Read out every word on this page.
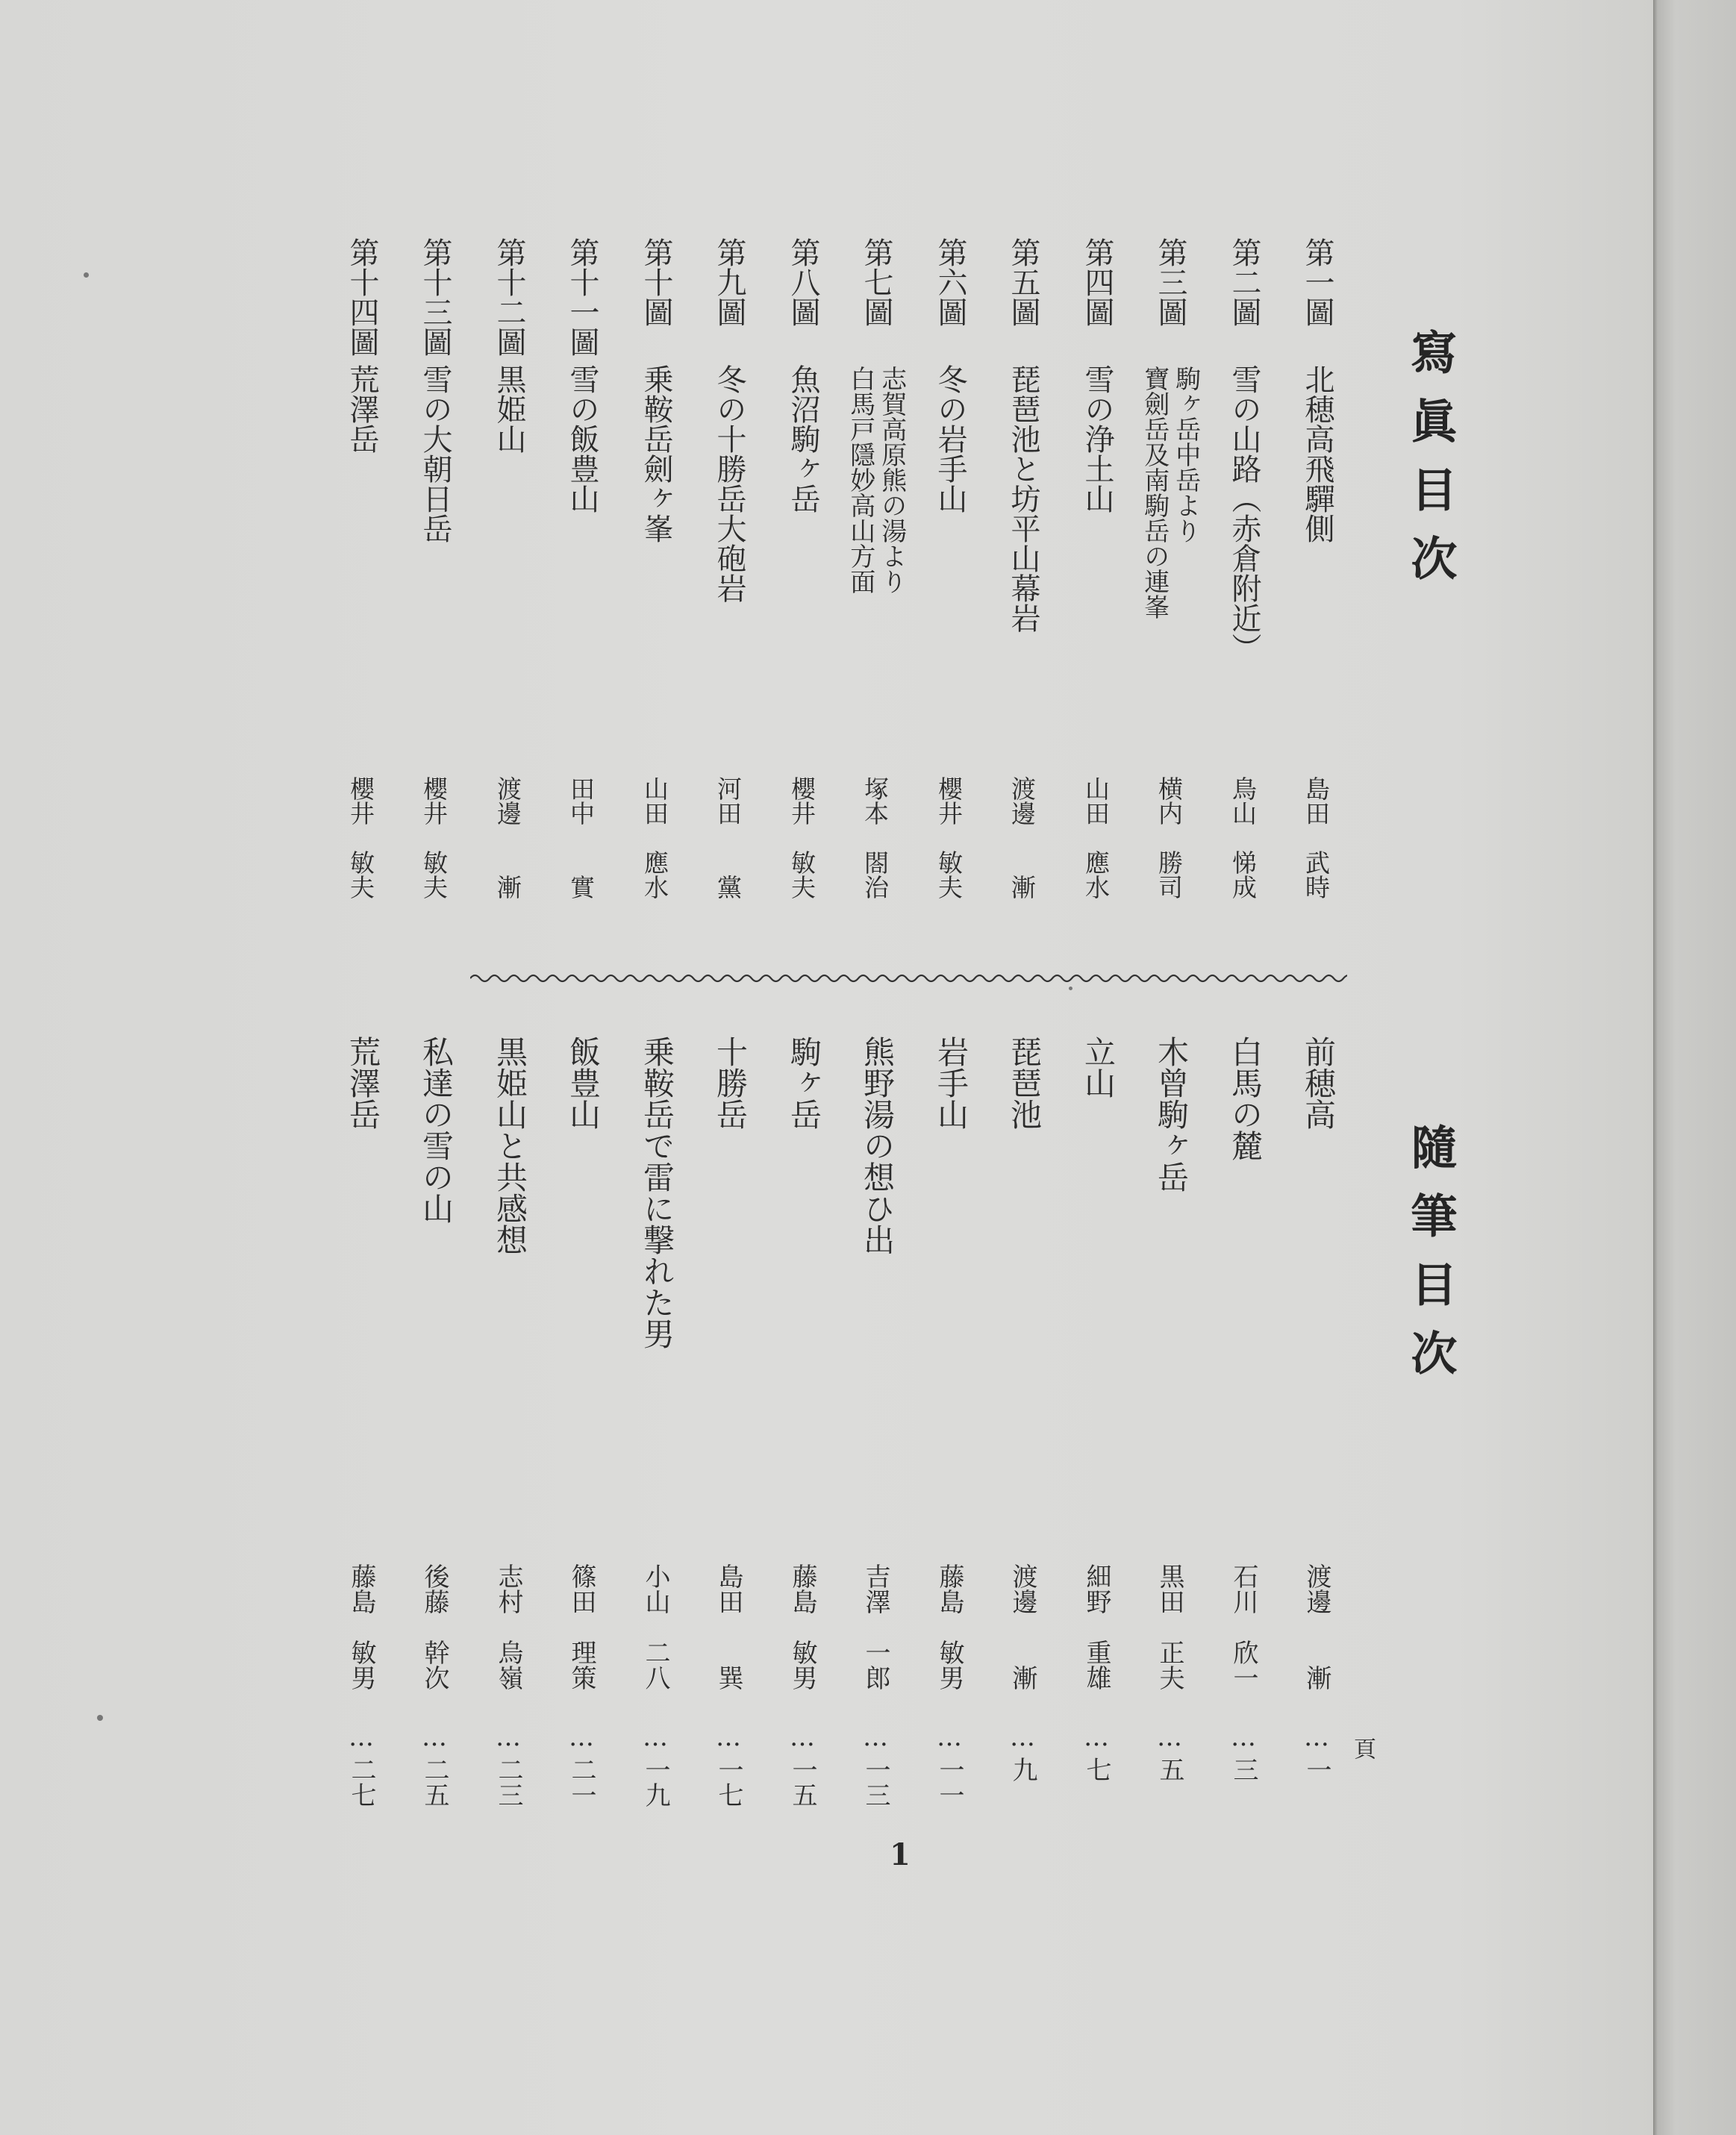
寫眞目次
第一圖
北穂高飛驒側
島田　武時
第二圖
雪の山路（赤倉附近）
鳥山　悌成
第三圖
駒ヶ岳中岳より
寶劍岳及南駒岳の連峯
横内　勝司
第四圖
雪の浄土山
山田　應水
第五圖
琵琶池と坊平山幕岩
渡邊　　漸
第六圖
冬の岩手山
櫻井　敏夫
第七圖
志賀高原熊の湯より
白馬戸隱妙高山方面
塚本　閤治
第八圖
魚沼駒ヶ岳
櫻井　敏夫
第九圖
冬の十勝岳大砲岩
河田　　黨
第十圖
乗鞍岳劍ヶ峯
山田　應水
第十一圖
雪の飯豊山
田中　　實
第十二圖
黒姫山
渡邊　　漸
第十三圖
雪の大朝日岳
櫻井　敏夫
第十四圖
荒澤岳
櫻井　敏夫
隨筆目次
前穂高
渡邊　　漸
…
一
白馬の麓
石川　欣一
…
三
木曾駒ヶ岳
黒田　正夫
…
五
立山
細野　重雄
…
七
琵琶池
渡邊　　漸
…
九
岩手山
藤島　敏男
…
一一
熊野湯の想ひ出
吉澤　一郎
…
一三
駒ヶ岳
藤島　敏男
…
一五
十勝岳
島田　　巽
…
一七
乗鞍岳で雷に撃れた男
小山　二八
…
一九
飯豊山
篠田　理策
…
二一
黒姫山と共感想
志村　烏嶺
…
二三
私達の雪の山
後藤　幹次
…
二五
荒澤岳
藤島　敏男
…
二七
頁
1
